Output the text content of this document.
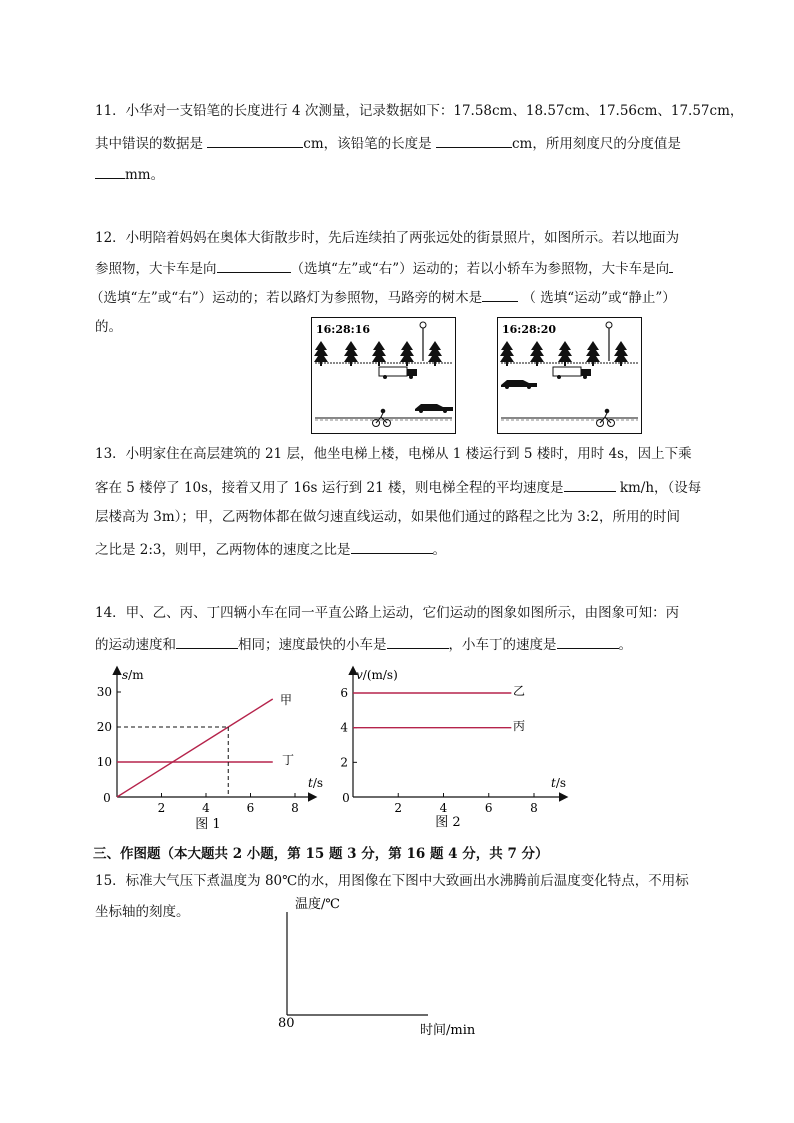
11．小华对一支铅笔的长度进行 4 次测量，记录数据如下：17.58cm、18.57cm、17.56cm、17.57cm，
其中错误的数据是	cm，该铅笔的长度是	cm，所用刻度尺的分度值是
mm。
12．小明陪着妈妈在奥体大街散步时，先后连续拍了两张远处的街景照片，如图所示。若以地面为
参照物，大卡车是向	（选填“左”或“右”）运动的；若以小轿车为参照物，大卡车是向
（选填“左”或“右”）运动的；若以路灯为参照物，马路旁的树木是	（ 选填“运动”或“静止”）
的。	16:28:16	16:28:20
13．小明家住在高层建筑的 21 层，他坐电梯上楼，电梯从 1 楼运行到 5 楼时，用时 4s，因上下乘
客在 5 楼停了 10s，接着又用了 16s 运行到 21 楼，则电梯全程的平均速度是	km/h，（设每
层楼高为 3m）；甲，乙两物体都在做匀速直线运动，如果他们通过的路程之比为 3:2，所用的时间
之比是 2:3，则甲，乙两物体的速度之比是	。
14．甲、乙、丙、丁四辆小车在同一平直公路上运动，它们运动的图象如图所示，由图象可知：丙
的运动速度和	相同；速度最快的小车是	，小车丁的速度是	。
s/m
t/s
0
2	4	6	8
10
20
30
甲
丁
图 1
v/(m/s)
t/s
0
2	4	6	8
2
4
6	乙
丙
图 2
三、作图题（本大题共 2 小题，第 15 题 3 分，第 16 题 4 分，共 7 分）
15．标准大气压下煮温度为 80℃的水，用图像在下图中大致画出水沸腾前后温度变化特点，不用标
坐标轴的刻度。	温度/℃
时间/min
80
